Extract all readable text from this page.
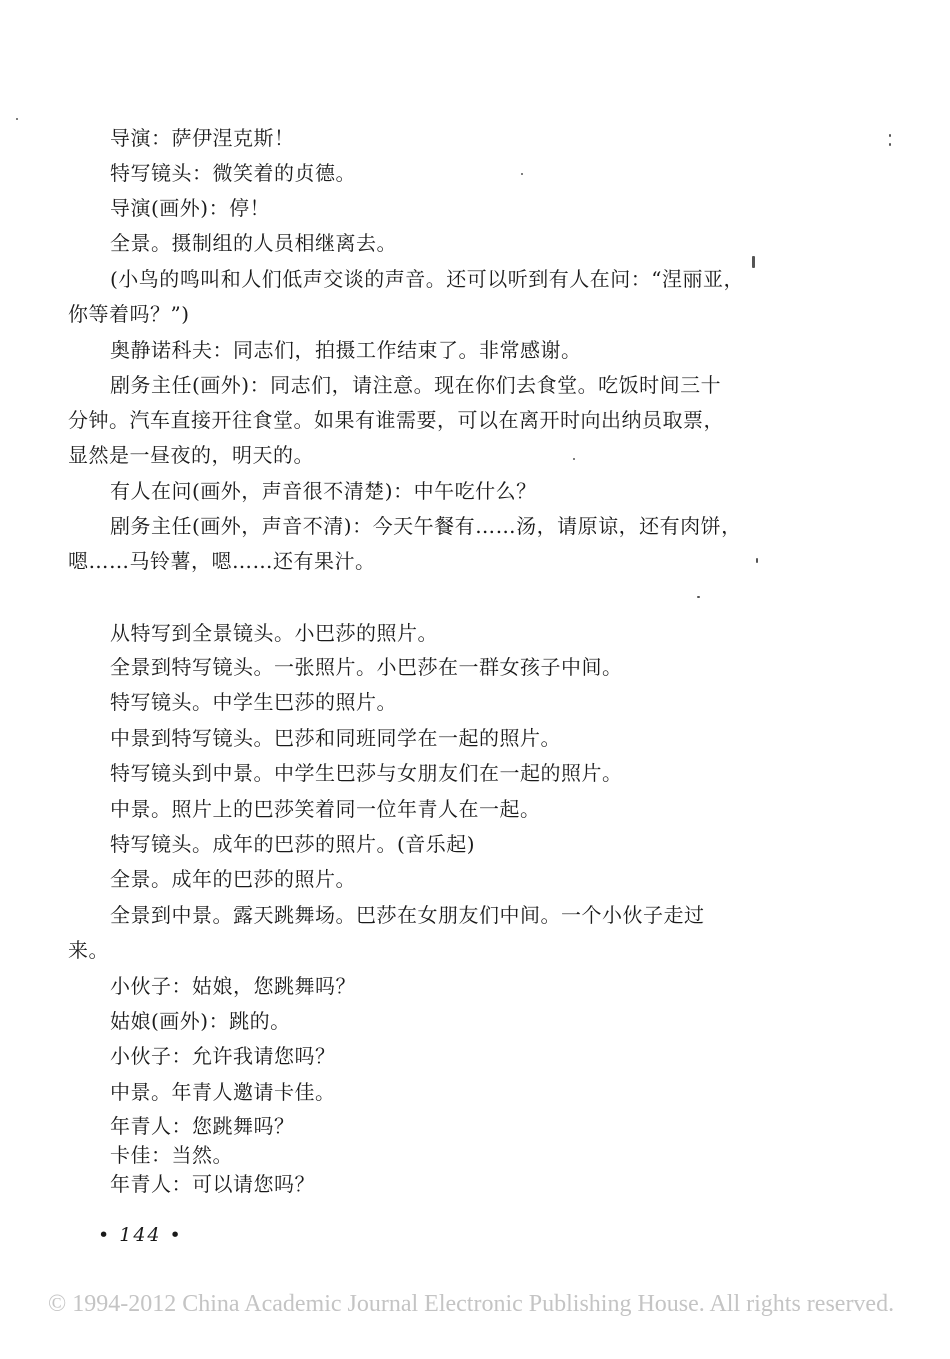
导演：萨伊涅克斯！
特写镜头：微笑着的贞德。
导演(画外)：停！
全景。摄制组的人员相继离去。
(小鸟的鸣叫和人们低声交谈的声音。还可以听到有人在问：“涅丽亚，
你等着吗？”)
奥静诺科夫：同志们，拍摄工作结束了。非常感谢。
剧务主任(画外)：同志们，请注意。现在你们去食堂。吃饭时间三十
分钟。汽车直接开往食堂。如果有谁需要，可以在离开时向出纳员取票，
显然是一昼夜的，明天的。
有人在问(画外，声音很不清楚)：中午吃什么？
剧务主任(画外，声音不清)：今天午餐有……汤，请原谅，还有肉饼，
嗯……马铃薯，嗯……还有果汁。
从特写到全景镜头。小巴莎的照片。
全景到特写镜头。一张照片。小巴莎在一群女孩子中间。
特写镜头。中学生巴莎的照片。
中景到特写镜头。巴莎和同班同学在一起的照片。
特写镜头到中景。中学生巴莎与女朋友们在一起的照片。
中景。照片上的巴莎笑着同一位年青人在一起。
特写镜头。成年的巴莎的照片。(音乐起)
全景。成年的巴莎的照片。
全景到中景。露天跳舞场。巴莎在女朋友们中间。一个小伙子走过
来。
小伙子：姑娘，您跳舞吗？
姑娘(画外)：跳的。
小伙子：允许我请您吗？
中景。年青人邀请卡佳。
年青人：您跳舞吗？
卡佳：当然。
年青人：可以请您吗？
• 144 •
© 1994-2012 China Academic Journal Electronic Publishing House. All rights reserved.
